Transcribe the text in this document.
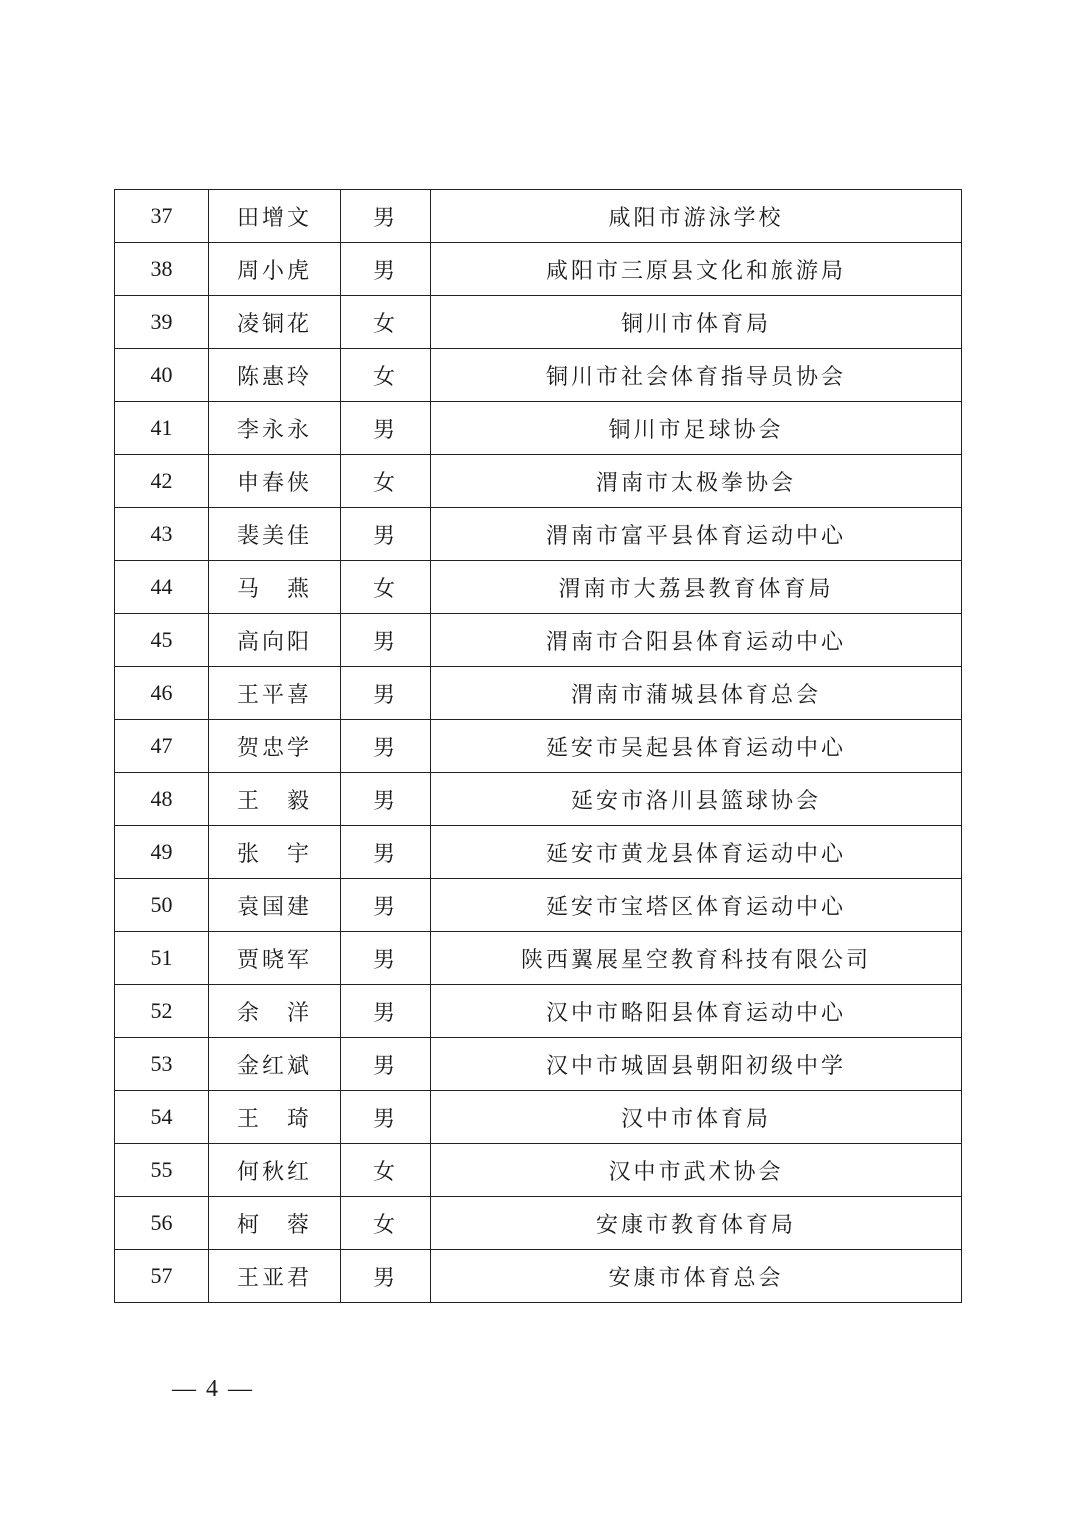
37	田增文	男	咸阳市游泳学校
38	周小虎	男	咸阳市三原县文化和旅游局
39	凌铜花	女	铜川市体育局
40	陈惠玲	女	铜川市社会体育指导员协会
41	李永永	男	铜川市足球协会
42	申春侠	女	渭南市太极拳协会
43	裴美佳	男	渭南市富平县体育运动中心
44	马　燕	女	渭南市大荔县教育体育局
45	高向阳	男	渭南市合阳县体育运动中心
46	王平喜	男	渭南市蒲城县体育总会
47	贺忠学	男	延安市吴起县体育运动中心
48	王　毅	男	延安市洛川县篮球协会
49	张　宇	男	延安市黄龙县体育运动中心
50	袁国建	男	延安市宝塔区体育运动中心
51	贾晓军	男	陕西翼展星空教育科技有限公司
52	余　洋	男	汉中市略阳县体育运动中心
53	金红斌	男	汉中市城固县朝阳初级中学
54	王　琦	男	汉中市体育局
55	何秋红	女	汉中市武术协会
56	柯　蓉	女	安康市教育体育局
57	王亚君	男	安康市体育总会
— 4 —
